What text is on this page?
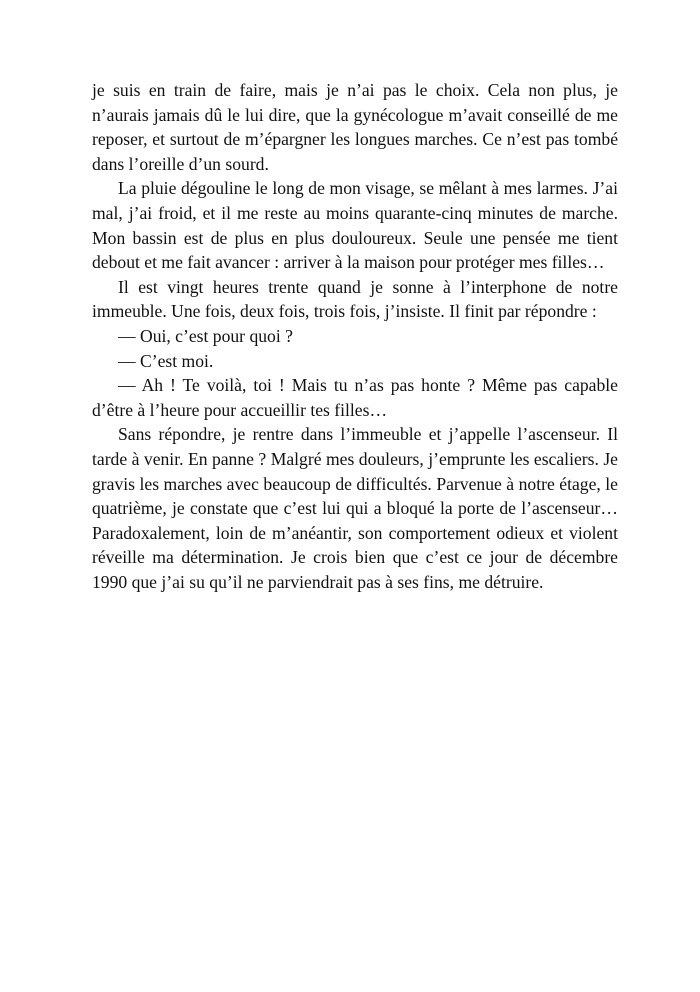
je suis en train de faire, mais je n’ai pas le choix. Cela non plus, je n’aurais jamais dû le lui dire, que la gynécologue m’avait conseillé de me reposer, et surtout de m’épargner les longues marches. Ce n’est pas tombé dans l’oreille d’un sourd.

La pluie dégouline le long de mon visage, se mêlant à mes larmes. J’ai mal, j’ai froid, et il me reste au moins quarante-cinq minutes de marche. Mon bassin est de plus en plus douloureux. Seule une pensée me tient debout et me fait avancer : arriver à la maison pour protéger mes filles…

Il est vingt heures trente quand je sonne à l’interphone de notre immeuble. Une fois, deux fois, trois fois, j’insiste. Il finit par répondre :

— Oui, c’est pour quoi ?

— C’est moi.

— Ah ! Te voilà, toi ! Mais tu n’as pas honte ? Même pas capable d’être à l’heure pour accueillir tes filles…

Sans répondre, je rentre dans l’immeuble et j’appelle l’ascenseur. Il tarde à venir. En panne ? Malgré mes douleurs, j’emprunte les escaliers. Je gravis les marches avec beaucoup de difficultés. Parvenue à notre étage, le quatrième, je constate que c’est lui qui a bloqué la porte de l’ascenseur… Paradoxalement, loin de m’anéantir, son comportement odieux et violent réveille ma détermination. Je crois bien que c’est ce jour de décembre 1990 que j’ai su qu’il ne parviendrait pas à ses fins, me détruire.
